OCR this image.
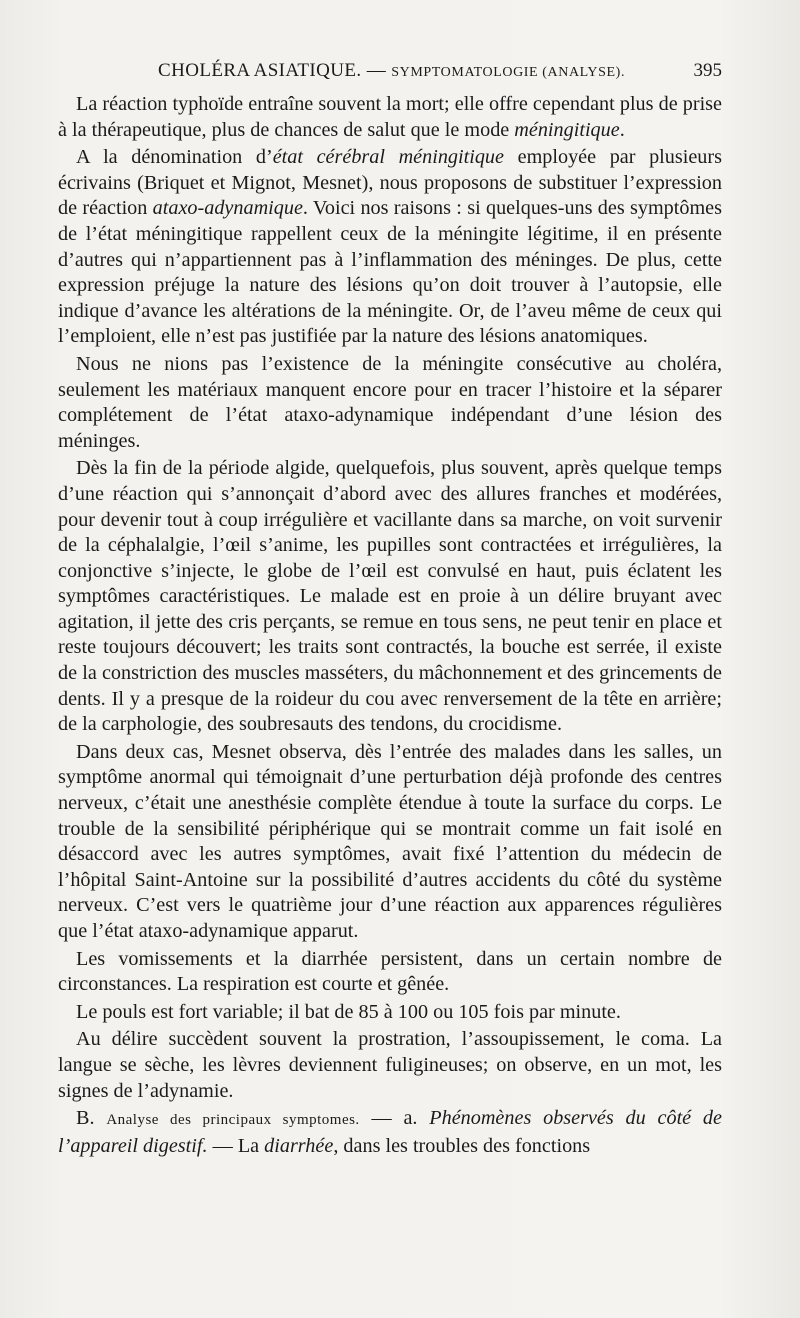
CHOLÉRA ASIATIQUE. — SYMPTOMATOLOGIE (ANALYSE).	395

La réaction typhoïde entraîne souvent la mort; elle offre cependant plus de prise à la thérapeutique, plus de chances de salut que le mode méningitique.

A la dénomination d’état cérébral méningitique employée par plusieurs écrivains (Briquet et Mignot, Mesnet), nous proposons de substituer l’expression de réaction ataxo-adynamique. Voici nos raisons : si quelques-uns des symptômes de l’état méningitique rappellent ceux de la méningite légitime, il en présente d’autres qui n’appartiennent pas à l’inflammation des méninges. De plus, cette expression préjuge la nature des lésions qu’on doit trouver à l’autopsie, elle indique d’avance les altérations de la méningite. Or, de l’aveu même de ceux qui l’emploient, elle n’est pas justifiée par la nature des lésions anatomiques.

Nous ne nions pas l’existence de la méningite consécutive au choléra, seulement les matériaux manquent encore pour en tracer l’histoire et la séparer complétement de l’état ataxo-adynamique indépendant d’une lésion des méninges.

Dès la fin de la période algide, quelquefois, plus souvent, après quelque temps d’une réaction qui s’annonçait d’abord avec des allures franches et modérées, pour devenir tout à coup irrégulière et vacillante dans sa marche, on voit survenir de la céphalalgie, l’œil s’anime, les pupilles sont contractées et irrégulières, la conjonctive s’injecte, le globe de l’œil est convulsé en haut, puis éclatent les symptômes caractéristiques. Le malade est en proie à un délire bruyant avec agitation, il jette des cris perçants, se remue en tous sens, ne peut tenir en place et reste toujours découvert; les traits sont contractés, la bouche est serrée, il existe de la constriction des muscles masséters, du mâchonnement et des grincements de dents. Il y a presque de la roideur du cou avec renversement de la tête en arrière; de la carphologie, des soubresauts des tendons, du crocidisme.

Dans deux cas, Mesnet observa, dès l’entrée des malades dans les salles, un symptôme anormal qui témoignait d’une perturbation déjà profonde des centres nerveux, c’était une anesthésie complète étendue à toute la surface du corps. Le trouble de la sensibilité périphérique qui se montrait comme un fait isolé en désaccord avec les autres symptômes, avait fixé l’attention du médecin de l’hôpital Saint-Antoine sur la possibilité d’autres accidents du côté du système nerveux. C’est vers le quatrième jour d’une réaction aux apparences régulières que l’état ataxo-adynamique apparut.

Les vomissements et la diarrhée persistent, dans un certain nombre de circonstances. La respiration est courte et gênée.

Le pouls est fort variable; il bat de 85 à 100 ou 105 fois par minute.

Au délire succèdent souvent la prostration, l’assoupissement, le coma. La langue se sèche, les lèvres deviennent fuligineuses; on observe, en un mot, les signes de l’adynamie.

B. Analyse des principaux symptomes. — a. Phénomènes observés du côté de l’appareil digestif. — La diarrhée, dans les troubles des fonctions
